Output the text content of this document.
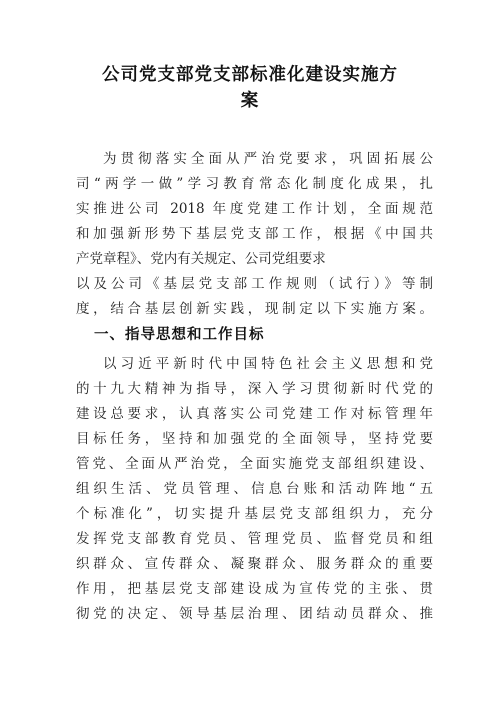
公司党支部党支部标准化建设实施方
案

为贯彻落实全面从严治党要求，巩固拓展公

司“两学一做”学习教育常态化制度化成果，扎

实推进公司 2018 年度党建工作计划，全面规范

和加强新形势下基层党支部工作，根据《中国共

产党章程》、党内有关规定、公司党组要求

以及公司《基层党支部工作规则（试行）》等制

度，结合基层创新实践，现制定以下实施方案。

一、指导思想和工作目标

以习近平新时代中国特色社会主义思想和党

的十九大精神为指导，深入学习贯彻新时代党的

建设总要求，认真落实公司党建工作对标管理年

目标任务，坚持和加强党的全面领导，坚持党要

管党、全面从严治党，全面实施党支部组织建设、

组织生活、党员管理、信息台账和活动阵地“五

个标准化”，切实提升基层党支部组织力，充分

发挥党支部教育党员、管理党员、监督党员和组

织群众、宣传群众、凝聚群众、服务群众的重要

作用，把基层党支部建设成为宣传党的主张、贯

彻党的决定、领导基层治理、团结动员群众、推
